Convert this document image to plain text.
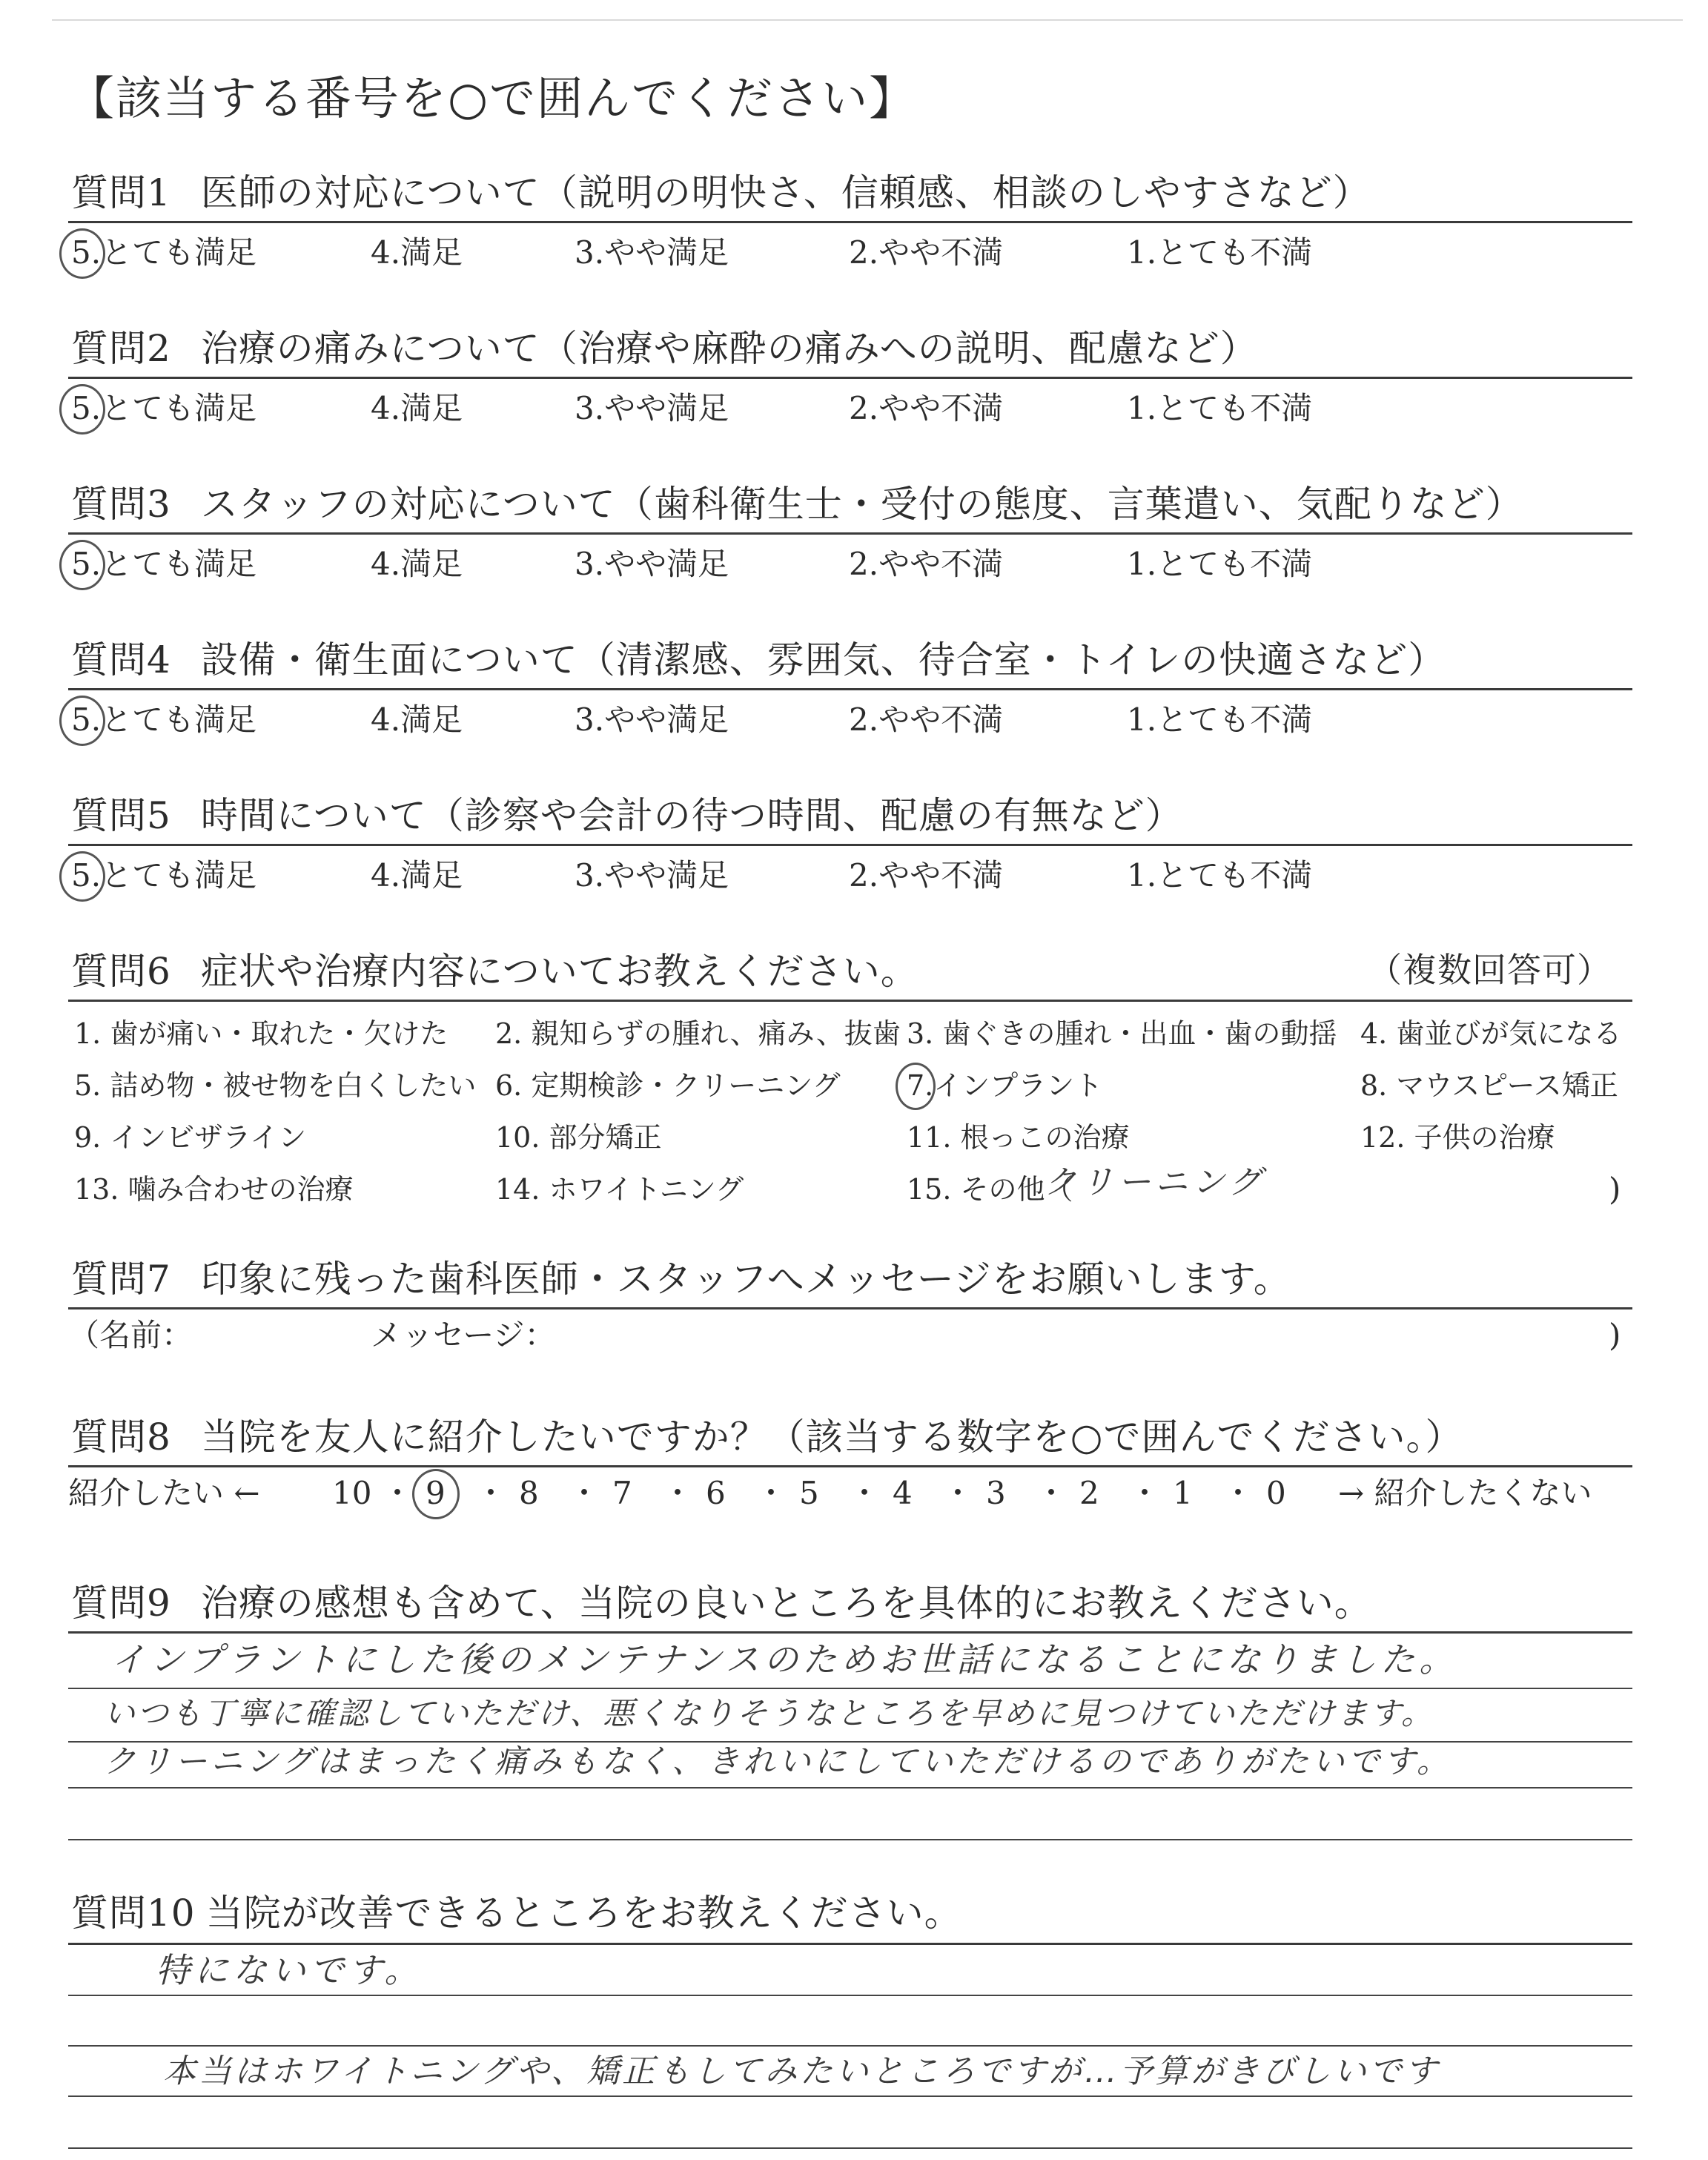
【該当する番号を○で囲んでください】
質問1 医師の対応について（説明の明快さ、信頼感、相談のしやすさなど）
5.とても満足	4.満足	3.やや満足	2.やや不満	1.とても不満
質問2 治療の痛みについて（治療や麻酔の痛みへの説明、配慮など）
5.とても満足	4.満足	3.やや満足	2.やや不満	1.とても不満
質問3 スタッフの対応について（歯科衛生士・受付の態度、言葉遣い、気配りなど）
5.とても満足	4.満足	3.やや満足	2.やや不満	1.とても不満
質問4 設備・衛生面について（清潔感、雰囲気、待合室・トイレの快適さなど）
5.とても満足	4.満足	3.やや満足	2.やや不満	1.とても不満
質問5 時間について（診察や会計の待つ時間、配慮の有無など）
5.とても満足	4.満足	3.やや満足	2.やや不満	1.とても不満
質問6 症状や治療内容についてお教えください。	（複数回答可）
1. 歯が痛い・取れた・欠けた 2. 親知らずの腫れ、痛み、抜歯 3. 歯ぐきの腫れ・出血・歯の動揺 4. 歯並びが気になる
5. 詰め物・被せ物を白くしたい 6. 定期検診・クリーニング 7.インプラント	8. マウスピース矯正
9. インビザライン	10. 部分矯正	11. 根っこの治療	12. 子供の治療
13. 噛み合わせの治療	14. ホワイトニング	15. その他（
クリーニング	)
質問7 印象に残った歯科医師・スタッフへメッセージをお願いします。
（名前：	メッセージ：	)
質問8 当院を友人に紹介したいですか？（該当する数字を○で囲んでください。）
紹介したい ←	→ 紹介したくない
10 ・ 9 ・ 8 ・ 7 ・ 6 ・ 5 ・ 4 ・ 3 ・ 2 ・ 1 ・ 0
質問9 治療の感想も含めて、当院の良いところを具体的にお教えください。
インプラントにした後のメンテナンスのためお世話になることになりました。
いつも丁寧に確認していただけ、悪くなりそうなところを早めに見つけていただけます。
クリーニングはまったく痛みもなく、きれいにしていただけるのでありがたいです。
質問10 当院が改善できるところをお教えください。
特にないです。
本当はホワイトニングや、矯正もしてみたいところですが…予算がきびしいです
